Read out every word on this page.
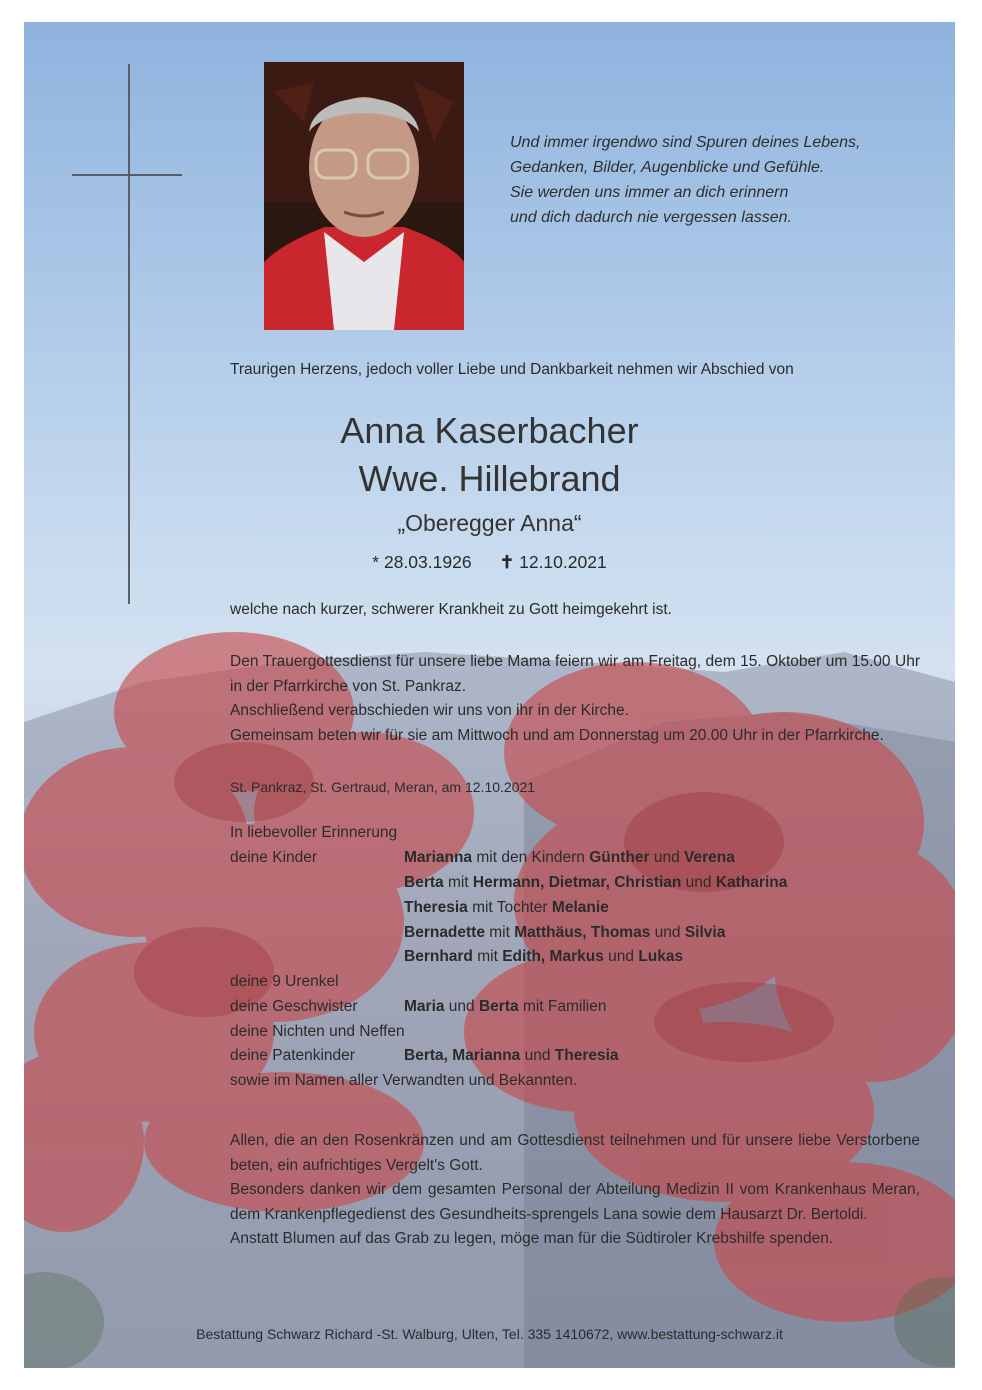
Und immer irgendwo sind Spuren deines Lebens,
Gedanken, Bilder, Augenblicke und Gefühle.
Sie werden uns immer an dich erinnern
und dich dadurch nie vergessen lassen.
Traurigen Herzens, jedoch voller Liebe und Dankbarkeit nehmen wir Abschied von
Anna Kaserbacher
Wwe. Hillebrand
„Oberegger Anna“
* 28.03.1926 ✝ 12.10.2021
welche nach kurzer, schwerer Krankheit zu Gott heimgekehrt ist.
Den Trauergottesdienst für unsere liebe Mama feiern wir am Freitag, dem 15. Oktober um 15.00 Uhr in der Pfarrkirche von St. Pankraz.
Anschließend verabschieden wir uns von ihr in der Kirche.
Gemeinsam beten wir für sie am Mittwoch und am Donnerstag um 20.00 Uhr in der Pfarrkirche.
St. Pankraz, St. Gertraud, Meran, am 12.10.2021
In liebevoller Erinnerung
deine Kinder	Marianna mit den Kindern Günther und Verena
Berta mit Hermann, Dietmar, Christian und Katharina
Theresia mit Tochter Melanie
Bernadette mit Matthäus, Thomas und Silvia
Bernhard mit Edith, Markus und Lukas
deine 9 Urenkel
deine Geschwister	Maria und Berta mit Familien
deine Nichten und Neffen
deine Patenkinder	Berta, Marianna und Theresia
sowie im Namen aller Verwandten und Bekannten.
Allen, die an den Rosenkränzen und am Gottesdienst teilnehmen und für unsere liebe Verstorbene beten, ein aufrichtiges Vergelt's Gott.
Besonders danken wir dem gesamten Personal der Abteilung Medizin II vom Krankenhaus Meran, dem Krankenpflegedienst des Gesundheits-sprengels Lana sowie dem Hausarzt Dr. Bertoldi.
Anstatt Blumen auf das Grab zu legen, möge man für die Südtiroler Krebshilfe spenden.
Bestattung Schwarz Richard -St. Walburg, Ulten, Tel. 335 1410672, www.bestattung-schwarz.it
